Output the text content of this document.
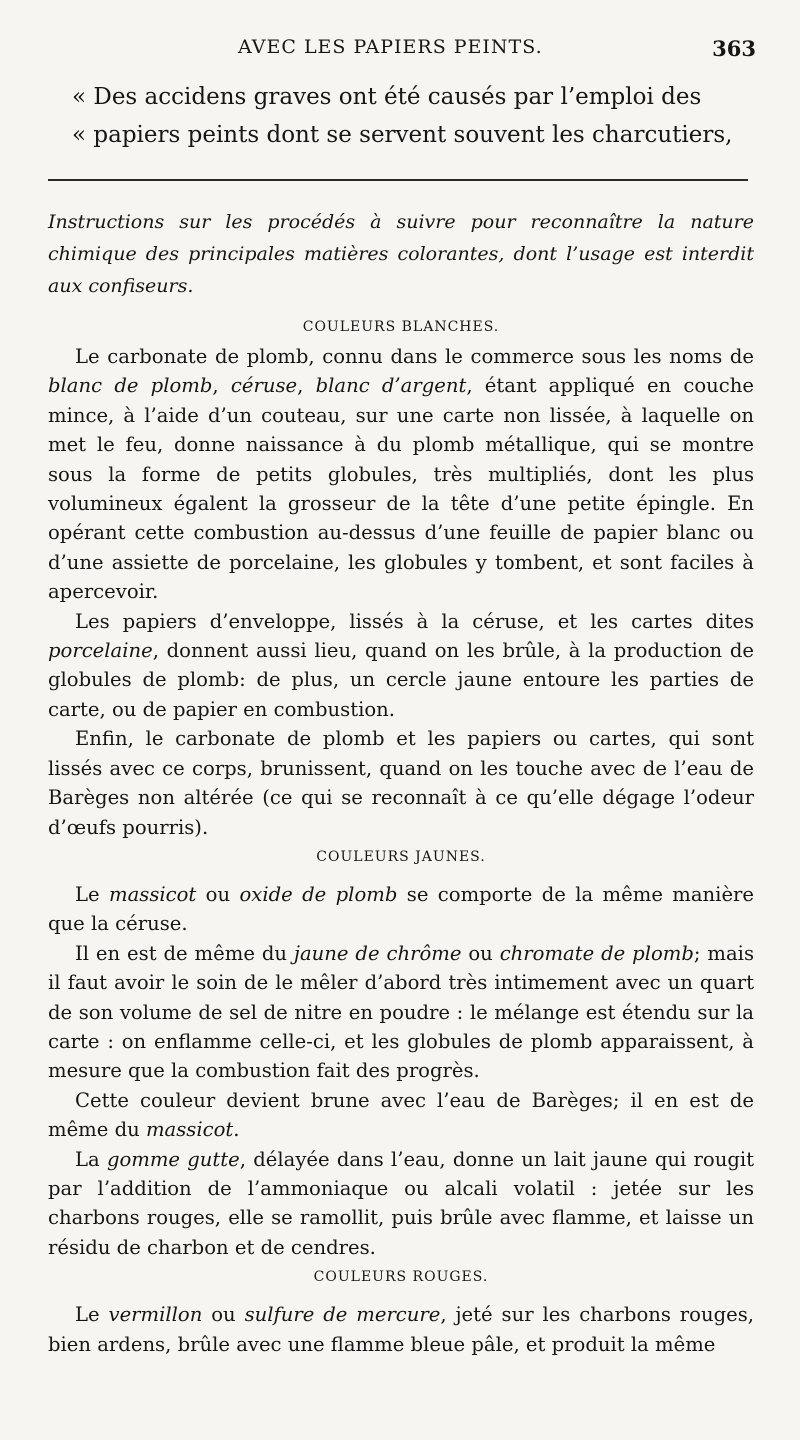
AVEC LES PAPIERS PEINTS.	363

« Des accidens graves ont été causés par l’emploi des

« papiers peints dont se servent souvent les charcutiers,

Instructions sur les procédés à suivre pour reconnaître la nature chimique des principales matières colorantes, dont l’usage est interdit aux confiseurs.

COULEURS BLANCHES.

Le carbonate de plomb, connu dans le commerce sous les noms de blanc de plomb, céruse, blanc d’argent, étant appliqué en couche mince, à l’aide d’un couteau, sur une carte non lissée, à laquelle on met le feu, donne naissance à du plomb métallique, qui se montre sous la forme de petits globules, très multipliés, dont les plus volumineux égalent la grosseur de la tête d’une petite épingle. En opérant cette combustion au-dessus d’une feuille de papier blanc ou d’une assiette de porcelaine, les globules y tombent, et sont faciles à apercevoir.

Les papiers d’enveloppe, lissés à la céruse, et les cartes dites porcelaine, donnent aussi lieu, quand on les brûle, à la production de globules de plomb: de plus, un cercle jaune entoure les parties de carte, ou de papier en combustion.

Enfin, le carbonate de plomb et les papiers ou cartes, qui sont lissés avec ce corps, brunissent, quand on les touche avec de l’eau de Barèges non altérée (ce qui se reconnaît à ce qu’elle dégage l’odeur d’œufs pourris).

COULEURS JAUNES.

Le massicot ou oxide de plomb se comporte de la même manière que la céruse.

Il en est de même du jaune de chrôme ou chromate de plomb; mais il faut avoir le soin de le mêler d’abord très intimement avec un quart de son volume de sel de nitre en poudre : le mélange est étendu sur la carte : on enflamme celle-ci, et les globules de plomb apparaissent, à mesure que la combustion fait des progrès.

Cette couleur devient brune avec l’eau de Barèges; il en est de même du massicot.

La gomme gutte, délayée dans l’eau, donne un lait jaune qui rougit par l’addition de l’ammoniaque ou alcali volatil : jetée sur les charbons rouges, elle se ramollit, puis brûle avec flamme, et laisse un résidu de charbon et de cendres.

COULEURS ROUGES.

Le vermillon ou sulfure de mercure, jeté sur les charbons rouges, bien ardens, brûle avec une flamme bleue pâle, et produit la même
